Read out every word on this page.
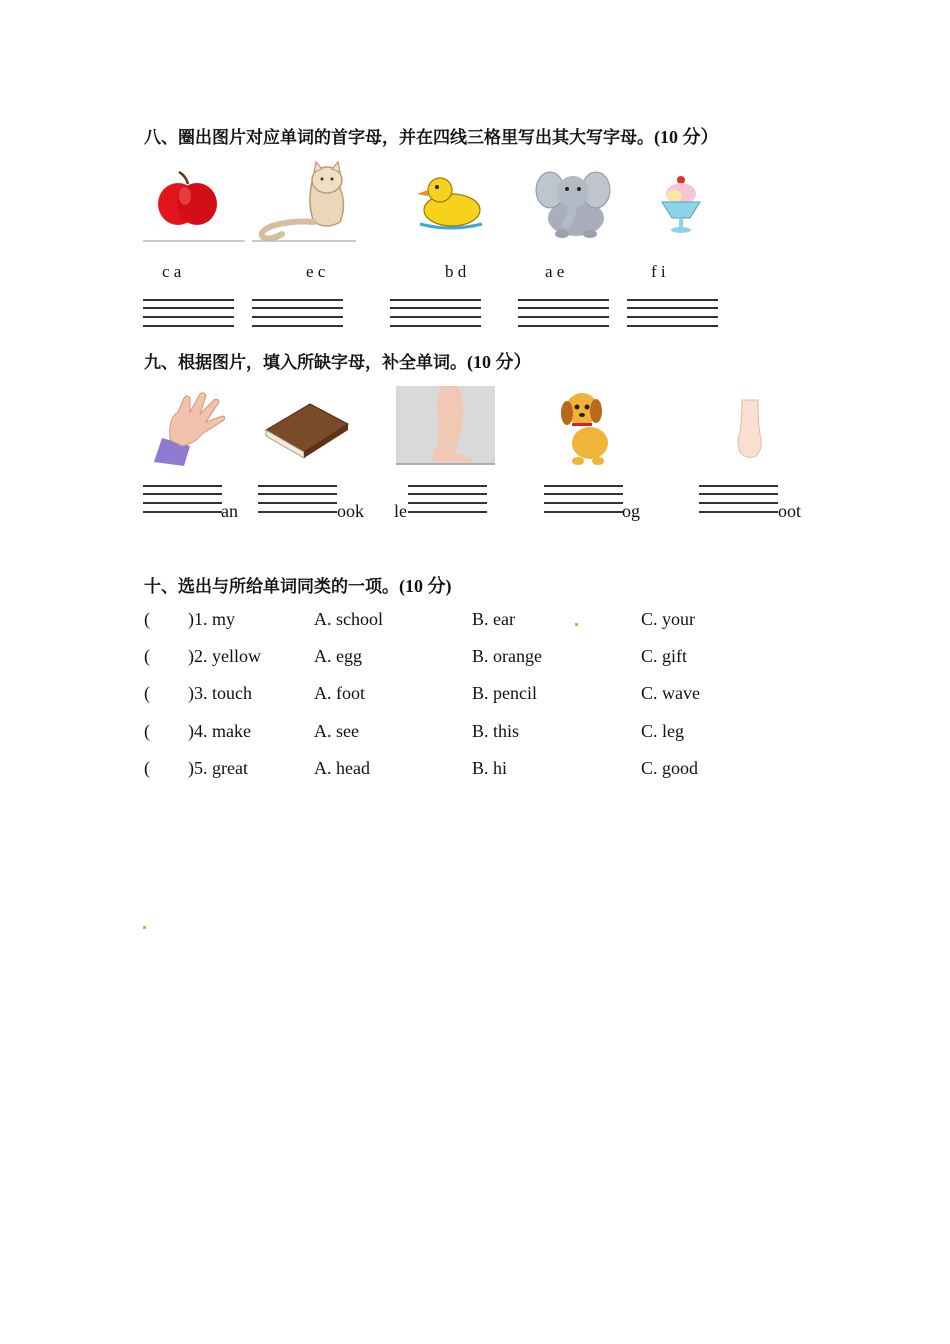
八、圈出图片对应单词的首字母，并在四线三格里写出其大写字母。(10 分）
c a	e c	b d	a e	f i
九、根据图片，填入所缺字母，补全单词。(10 分）
an	ook le	og	oot
十、选出与所给单词同类的一项。(10 分)
( )1. my	A. school	B. ear	C. your
( )2. yellow	A. egg	B. orange	C. gift
( )3. touch	A. foot	B. pencil	C. wave
( )4. make	A. see	B. this	C. leg
( )5. great	A. head	B. hi	C. good
